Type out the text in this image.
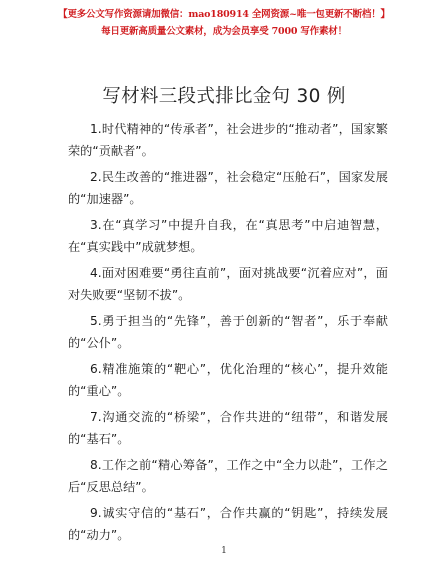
【更多公文写作资源请加微信：mao180914 全网资源~唯一包更新不断档！】
每日更新高质量公文素材，成为会员享受 7000 写作素材！
写材料三段式排比金句 30 例

1.时代精神的“传承者”，社会进步的“推动者”，国家繁荣的“贡献者”。

2.民生改善的“推进器”，社会稳定“压舱石”，国家发展的“加速器”。

3.在“真学习”中提升自我，在“真思考”中启迪智慧，在“真实践中”成就梦想。

4.面对困难要“勇往直前”，面对挑战要“沉着应对”，面对失败要“坚韧不拔”。

5.勇于担当的“先锋”，善于创新的“智者”，乐于奉献的“公仆”。

6.精准施策的“靶心”，优化治理的“核心”，提升效能的“重心”。

7.沟通交流的“桥梁”，合作共进的“纽带”，和谐发展的“基石”。

8.工作之前“精心筹备”，工作之中“全力以赴”，工作之后“反思总结”。

9.诚实守信的“基石”，合作共赢的“钥匙”，持续发展的“动力”。

1
